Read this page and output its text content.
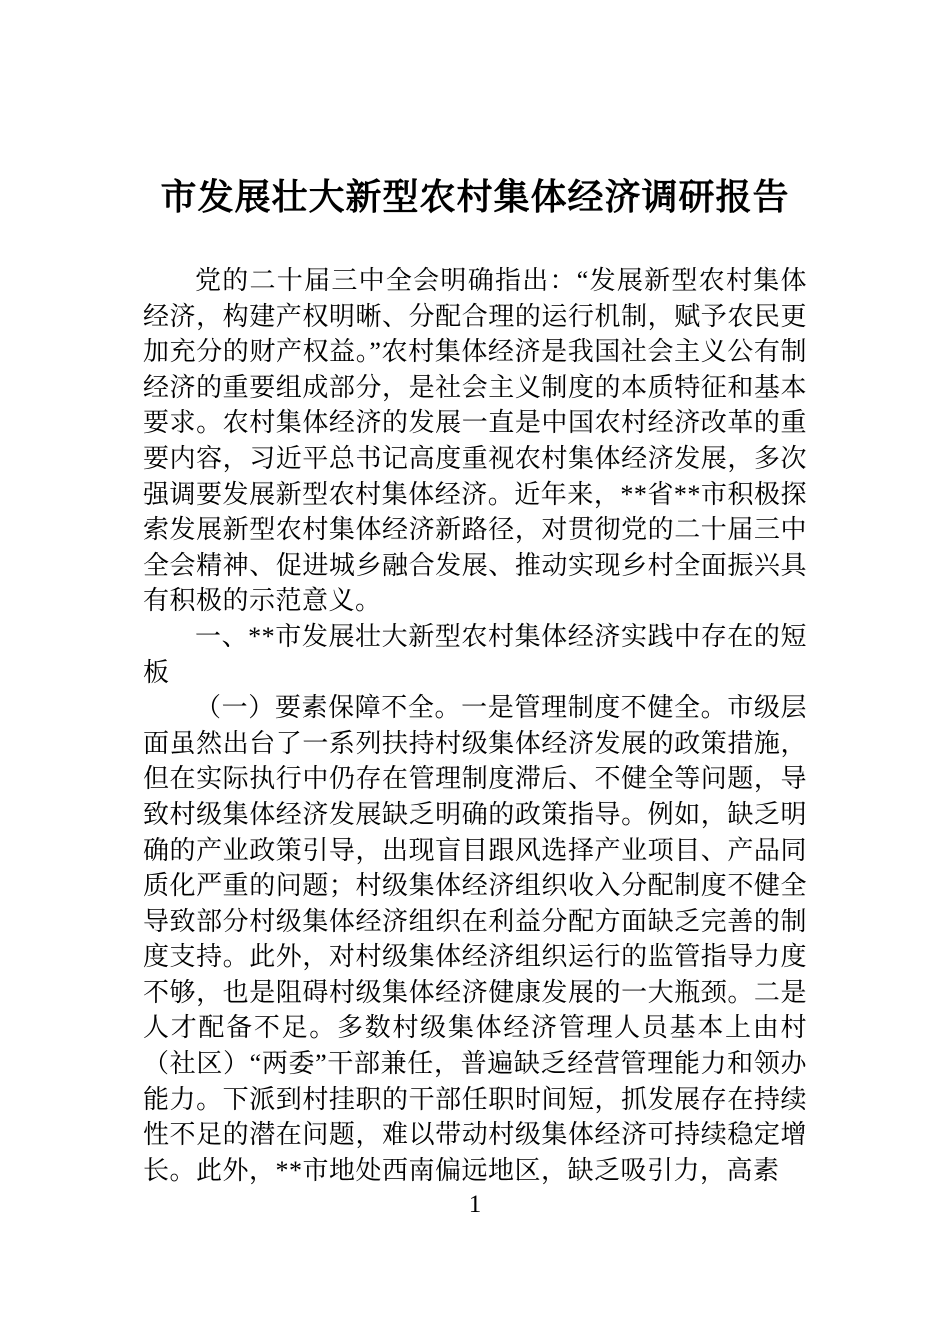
市发展壮大新型农村集体经济调研报告

党的二十届三中全会明确指出：“发展新型农村集体经济，构建产权明晰、分配合理的运行机制，赋予农民更加充分的财产权益。”农村集体经济是我国社会主义公有制经济的重要组成部分，是社会主义制度的本质特征和基本要求。农村集体经济的发展一直是中国农村经济改革的重要内容，习近平总书记高度重视农村集体经济发展，多次强调要发展新型农村集体经济。近年来，**省**市积极探索发展新型农村集体经济新路径，对贯彻党的二十届三中全会精神、促进城乡融合发展、推动实现乡村全面振兴具有积极的示范意义。

一、**市发展壮大新型农村集体经济实践中存在的短板

（一）要素保障不全。一是管理制度不健全。市级层面虽然出台了一系列扶持村级集体经济发展的政策措施，但在实际执行中仍存在管理制度滞后、不健全等问题，导致村级集体经济发展缺乏明确的政策指导。例如，缺乏明确的产业政策引导，出现盲目跟风选择产业项目、产品同质化严重的问题；村级集体经济组织收入分配制度不健全导致部分村级集体经济组织在利益分配方面缺乏完善的制度支持。此外，对村级集体经济组织运行的监管指导力度不够，也是阻碍村级集体经济健康发展的一大瓶颈。二是人才配备不足。多数村级集体经济管理人员基本上由村（社区）“两委”干部兼任，普遍缺乏经营管理能力和领办能力。下派到村挂职的干部任职时间短，抓发展存在持续性不足的潜在问题，难以带动村级集体经济可持续稳定增长。此外，**市地处西南偏远地区，缺乏吸引力，高素

1
